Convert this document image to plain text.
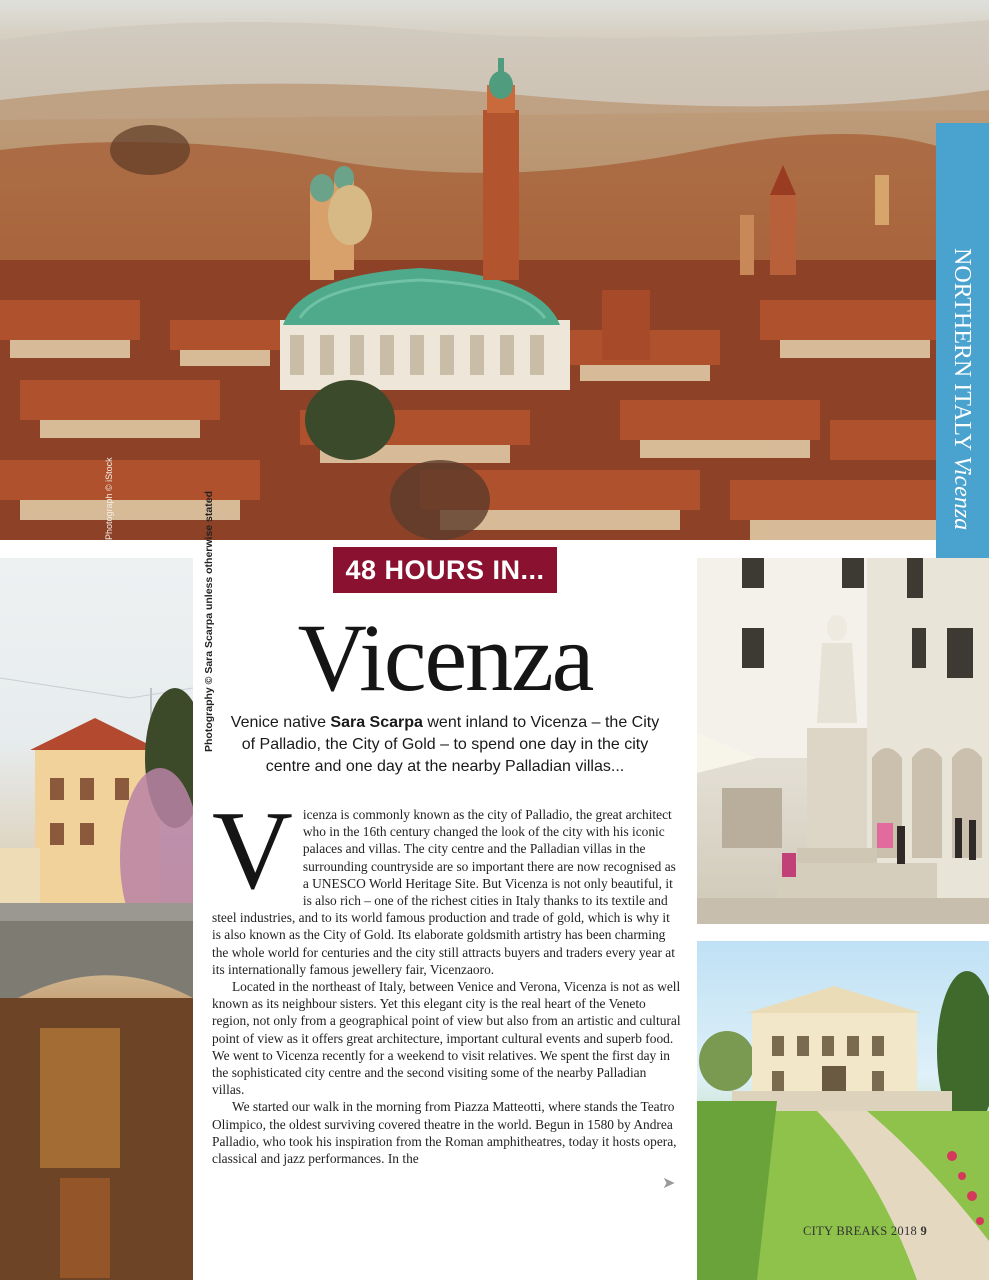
Photograph © iStock
NORTHERN ITALY Vicenza
Photography © Sara Scarpa unless otherwise stated	48 HOURS IN...
Vicenza
Venice native Sara Scarpa went inland to Vicenza – the City of Palladio, the City of Gold – to spend one day in the city centre and one day at the nearby Palladian villas...

Vicenza is commonly known as the city of Palladio, the great architect who in the 16th century changed the look of the city with his iconic palaces and villas. The city centre and the Palladian villas in the surrounding countryside are so important there are now recognised as a UNESCO World Heritage Site. But Vicenza is not only beautiful, it is also rich – one of the richest cities in Italy thanks to its textile and steel industries, and to its world famous production and trade of gold, which is why it is also known as the City of Gold. Its elaborate goldsmith artistry has been charming the whole world for centuries and the city still attracts buyers and traders every year at its internationally famous jewellery fair, Vicenzaoro.

Located in the northeast of Italy, between Venice and Verona, Vicenza is not as well known as its neighbour sisters. Yet this elegant city is the real heart of the Veneto region, not only from a geographical point of view but also from an artistic and cultural point of view as it offers great architecture, important cultural events and superb food. We went to Vicenza recently for a weekend to visit relatives. We spent the first day in the sophisticated city centre and the second visiting some of the nearby Palladian villas.

We started our walk in the morning from Piazza Matteotti, where stands the Teatro Olimpico, the oldest surviving covered theatre in the world. Begun in 1580 by Andrea Palladio, who took his inspiration from the Roman amphitheatres, today it hosts opera, classical and jazz performances. In the

➤
CITY BREAKS 2018 9
